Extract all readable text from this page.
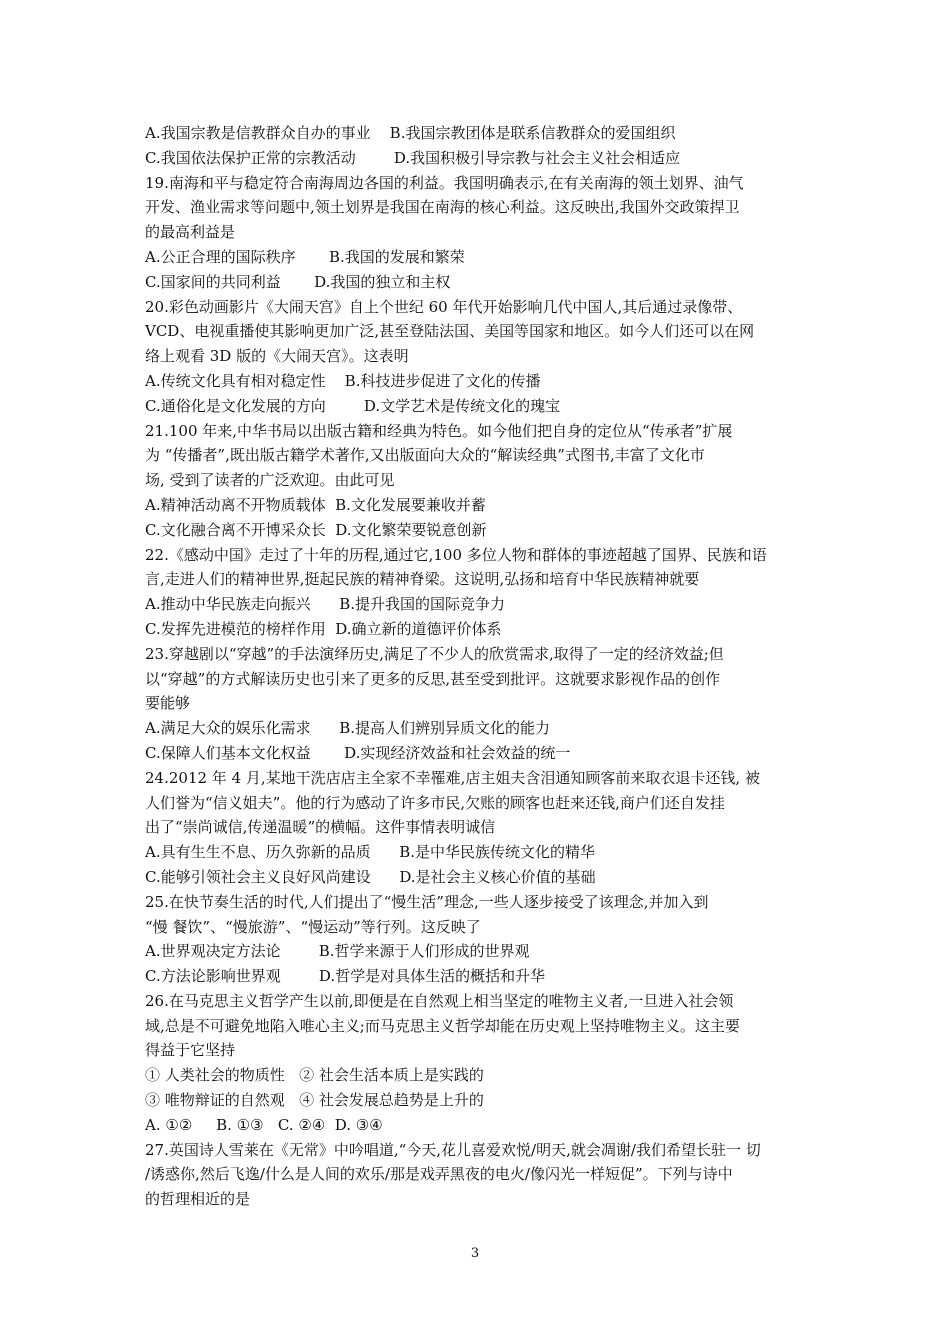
A.我国宗教是信教群众自办的事业    B.我国宗教团体是联系信教群众的爱国组织
C.我国依法保护正常的宗教活动        D.我国积极引导宗教与社会主义社会相适应
19.南海和平与稳定符合南海周边各国的利益。我国明确表示,在有关南海的领土划界、油气
开发、渔业需求等问题中,领土划界是我国在南海的核心利益。这反映出,我国外交政策捍卫
的最高利益是
A.公正合理的国际秩序       B.我国的发展和繁荣
C.国家间的共同利益       D.我国的独立和主权
20.彩色动画影片《大闹天宫》自上个世纪 60 年代开始影响几代中国人,其后通过录像带、
VCD、电视重播使其影响更加广泛,甚至登陆法国、美国等国家和地区。如今人们还可以在网
络上观看 3D 版的《大闹天宫》。这表明
A.传统文化具有相对稳定性    B.科技进步促进了文化的传播
C.通俗化是文化发展的方向        D.文学艺术是传统文化的瑰宝
21.100 年来,中华书局以出版古籍和经典为特色。如今他们把自身的定位从“传承者”扩展
为 “传播者”,既出版古籍学术著作,又出版面向大众的“解读经典”式图书,丰富了文化市
场, 受到了读者的广泛欢迎。由此可见
A.精神活动离不开物质载体  B.文化发展要兼收并蓄
C.文化融合离不开博采众长  D.文化繁荣要锐意创新
22.《感动中国》走过了十年的历程,通过它,100 多位人物和群体的事迹超越了国界、民族和语
言,走进人们的精神世界,挺起民族的精神脊梁。这说明,弘扬和培育中华民族精神就要
A.推动中华民族走向振兴      B.提升我国的国际竞争力
C.发挥先进模范的榜样作用  D.确立新的道德评价体系
23.穿越剧以“穿越”的手法演绎历史,满足了不少人的欣赏需求,取得了一定的经济效益;但
以“穿越”的方式解读历史也引来了更多的反思,甚至受到批评。这就要求影视作品的创作
要能够
A.满足大众的娱乐化需求      B.提高人们辨别异质文化的能力
C.保障人们基本文化权益       D.实现经济效益和社会效益的统一
24.2012 年 4 月,某地干洗店店主全家不幸罹难,店主姐夫含泪通知顾客前来取衣退卡还钱, 被
人们誉为“信义姐夫”。他的行为感动了许多市民,欠账的顾客也赶来还钱,商户们还自发挂
出了“崇尚诚信,传递温暖”的横幅。这件事情表明诚信
A.具有生生不息、历久弥新的品质      B.是中华民族传统文化的精华
C.能够引领社会主义良好风尚建设      D.是社会主义核心价值的基础
25.在快节奏生活的时代,人们提出了“慢生活”理念,一些人逐步接受了该理念,并加入到
“慢 餐饮”、“慢旅游”、“慢运动”等行列。这反映了
A.世界观决定方法论        B.哲学来源于人们形成的世界观
C.方法论影响世界观        D.哲学是对具体生活的概括和升华
26.在马克思主义哲学产生以前,即便是在自然观上相当坚定的唯物主义者,一旦进入社会领
域,总是不可避免地陷入唯心主义;而马克思主义哲学却能在历史观上坚持唯物主义。这主要
得益于它坚持
① 人类社会的物质性   ② 社会生活本质上是实践的
③ 唯物辩证的自然观   ④ 社会发展总趋势是上升的
A. ①②     B. ①③   C. ②④  D. ③④
27.英国诗人雪莱在《无常》中吟唱道,“今天,花儿喜爱欢悦/明天,就会凋谢/我们希望长驻一 切
/诱惑你,然后飞逸/什么是人间的欢乐/那是戏弄黑夜的电火/像闪光一样短促”。下列与诗中
的哲理相近的是
3
